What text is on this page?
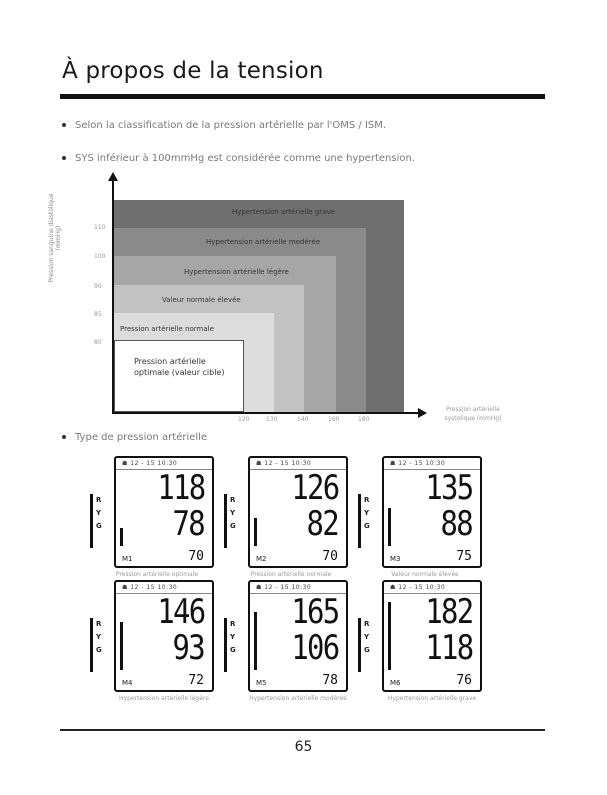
À propos de la tension
Selon la classification de la pression artérielle par l'OMS / ISM.
SYS inférieur à 100mmHg est considérée comme une hypertension.
Pression sanguine diastolique (mmHg)
Hypertension artérielle grave
Hypertension artérielle modérée
Hypertension artérielle légère
Valeur normale élevée
Pression artérielle normale
Pression artérielle optimale (valeur cible)
110
100
90
85
80
120	130	140	160	180
Pression artérielle systolique (mmHg)
Type de pression artérielle
R
Y
G
☗ 12 - 15 10:30
118
78
M1	70
Pression artérielle optimale
R
Y
G
☗ 12 - 15 10:30
126
82
M2	70
Pression artérielle normale
R
Y
G
☗ 12 - 15 10:30
135
88
M3	75
Valeur normale élevée
R
Y
G
☗ 12 - 15 10:30
146
93
M4	72
Hypertension artérielle légère
R
Y
G
☗ 12 - 15 10:30
165
106
M5	78
Hypertension artérielle modérée
R
Y
G
☗ 12 - 15 10:30
182
118
M6	76
Hypertension artérielle grave
65
